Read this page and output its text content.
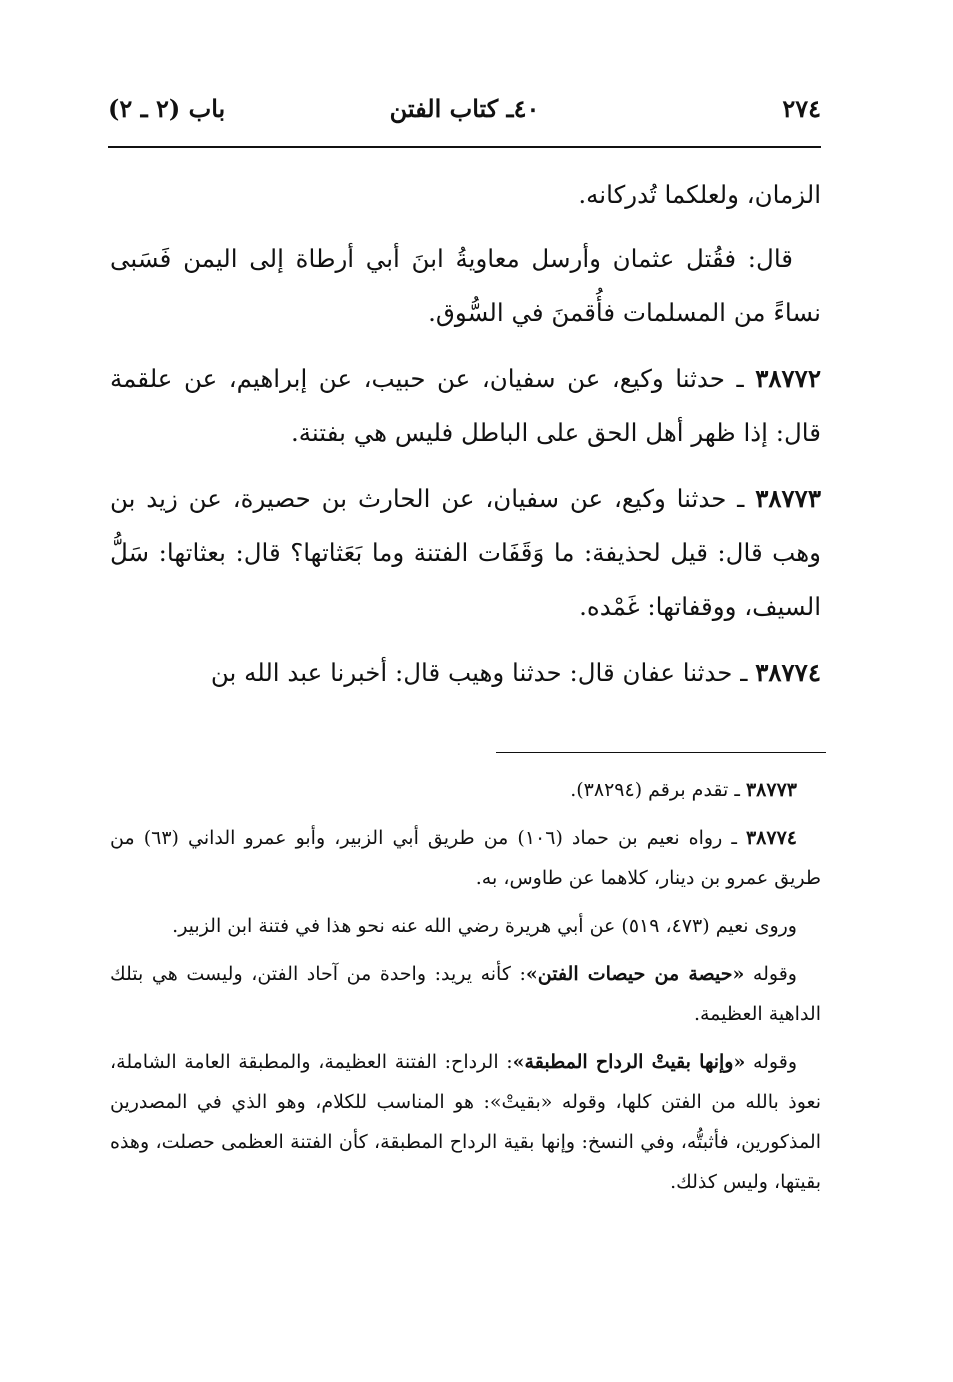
باب (٢ ـ ٢)	٤٠ـ كتاب الفتن	٢٧٤

الزمان، ولعلكما تُدركانه.

قال: فقُتل عثمان وأرسل معاويةُ ابنَ أبي أرطاة إلى اليمن فَسَبى نساءً من المسلمات فأُقمنَ في السُّوق.

٣٨٧٧٢ ـ حدثنا وكيع، عن سفيان، عن حبيب، عن إبراهيم، عن علقمة قال: إذا ظهر أهل الحق على الباطل فليس هي بفتنة.

٣٨٧٧٣ ـ حدثنا وكيع، عن سفيان، عن الحارث بن حصيرة، عن زيد بن وهب قال: قيل لحذيفة: ما وَقَفَات الفتنة وما بَعَثاتها؟ قال: بعثاتها: سَلُّ السيف، ووقفاتها: غَمْده.

٣٨٧٧٤ ـ حدثنا عفان قال: حدثنا وهيب قال: أخبرنا عبد الله بن

٣٨٧٧٣ ـ تقدم برقم (٣٨٢٩٤).

٣٨٧٧٤ ـ رواه نعيم بن حماد (١٠٦) من طريق أبي الزبير، وأبو عمرو الداني (٦٣) من طريق عمرو بن دينار، كلاهما عن طاوس، به.

وروى نعيم (٤٧٣، ٥١٩) عن أبي هريرة رضي الله عنه نحو هذا في فتنة ابن الزبير.

وقوله «حيصة من حيصات الفتن»: كأنه يريد: واحدة من آحاد الفتن، وليست هي بتلك الداهية العظيمة.

وقوله «وإنها بقيتْ الرداح المطبقة»: الرداح: الفتنة العظيمة، والمطبقة العامة الشاملة، نعوذ بالله من الفتن كلها، وقوله «بقيتْ»: هو المناسب للكلام، وهو الذي في المصدرين المذكورين، فأثبتُّه، وفي النسخ: وإنها بقية الرداح المطبقة، كأن الفتنة العظمى حصلت، وهذه بقيتها، وليس كذلك.
